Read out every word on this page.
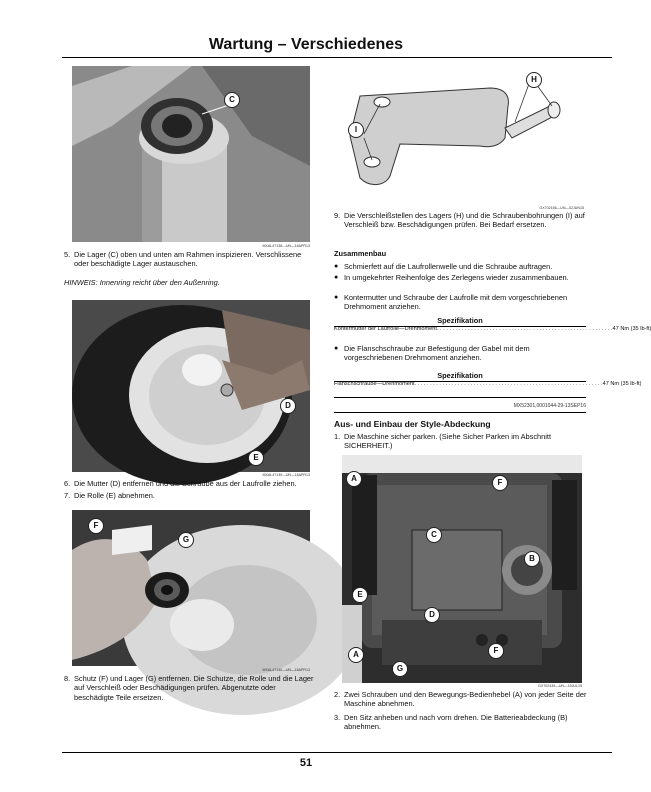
Wartung – Verschiedenes
C
MXAL47138—UN—16APR13
5. Die Lager (C) oben und unten am Rahmen inspizieren. Verschlissene oder beschädigte Lager austauschen.
HINWEIS: Innenring reicht über den Außenring.
D
E
MXAL47139—UN—16APR13
6. Die Mutter (D) entfernen und die Schraube aus der Laufrolle ziehen.
7. Die Rolle (E) abnehmen.
F
G
MXAL47140—UN—16APR13
8. Schutz (F) und Lager (G) entfernen. Die Schutze, die Rolle und die Lager auf Verschleiß oder Beschädigungen prüfen. Abgenutzte oder beschädigte Teile ersetzen.
H
I
GX702156—UN—02JUN15
9. Die Verschleißstellen des Lagers (H) und die Schraubenbohrungen (I) auf Verschleiß bzw. Beschädigungen prüfen. Bei Bedarf ersetzen.
Zusammenbau
● Schmierfett auf die Laufrollenwelle und die Schraube auftragen.
● In umgekehrter Reihenfolge des Zerlegens wieder zusammenbauen.
● Kontermutter und Schraube der Laufrolle mit dem vorgeschriebenen Drehmoment anziehen.
Spezifikation
Kontermutter der Laufrolle—Drehmoment . . . . . . . . . . . . . . . . . . . . . . . . . . . . . . . . . . . . . . . . . . . . . . . . . . . . . . . . . 47 Nm (35 lb-ft)
● Die Flanschschraube zur Befestigung der Gabel mit dem vorgeschriebenen Drehmoment anziehen.
Spezifikation
Flanschschraube—Drehmoment . . . . . . . . . . . . . . . . . . . . . . . . . . . . . . . . . . . . . . . . . . . . . . . . . . . . . . . . . . . . . 47 Nm (35 lb-ft)
MX52301,0001044-29-13SEP16
Aus- und Einbau der Style-Abdeckung
1. Die Maschine sicher parken. (Siehe Sicher Parken im Abschnitt SICHERHEIT.)
A	F
C
B
E
D
F
A
G
GX702439—UN—15JUL15
2. Zwei Schrauben und den Bewegungs-Bedienhebel (A) von jeder Seite der Maschine abnehmen.
3. Den Sitz anheben und nach vorn drehen. Die Batterieabdeckung (B) abnehmen.
51
